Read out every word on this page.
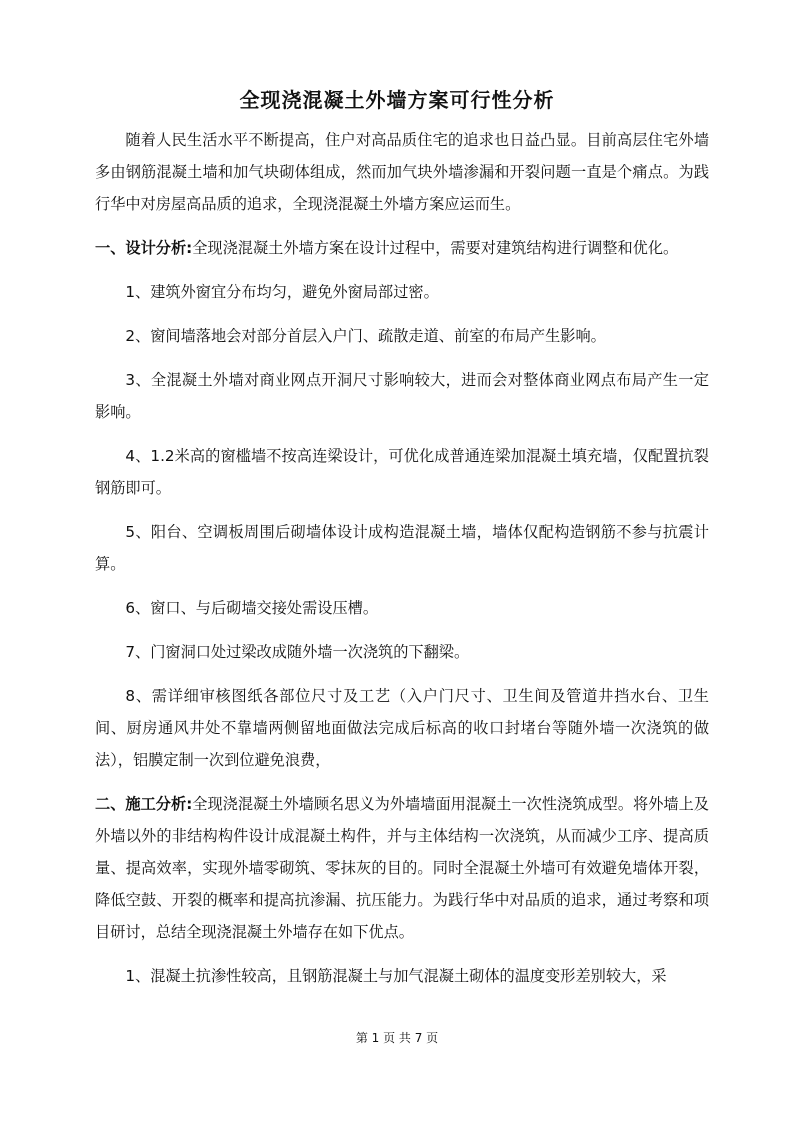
全现浇混凝土外墙方案可行性分析

随着人民生活水平不断提高，住户对高品质住宅的追求也日益凸显。目前高层住宅外墙多由钢筋混凝土墙和加气块砌体组成，然而加气块外墙渗漏和开裂问题一直是个痛点。为践行华中对房屋高品质的追求，全现浇混凝土外墙方案应运而生。

一、设计分析:全现浇混凝土外墙方案在设计过程中，需要对建筑结构进行调整和优化。

1、建筑外窗宜分布均匀，避免外窗局部过密。

2、窗间墙落地会对部分首层入户门、疏散走道、前室的布局产生影响。

3、全混凝土外墙对商业网点开洞尺寸影响较大，进而会对整体商业网点布局产生一定影响。

4、1.2米高的窗槛墙不按高连梁设计，可优化成普通连梁加混凝土填充墙，仅配置抗裂钢筋即可。

5、阳台、空调板周围后砌墙体设计成构造混凝土墙，墙体仅配构造钢筋不参与抗震计算。

6、窗口、与后砌墙交接处需设压槽。

7、门窗洞口处过梁改成随外墙一次浇筑的下翻梁。

8、需详细审核图纸各部位尺寸及工艺（入户门尺寸、卫生间及管道井挡水台、卫生间、厨房通风井处不靠墙两侧留地面做法完成后标高的收口封堵台等随外墙一次浇筑的做法），铝膜定制一次到位避免浪费，

二、施工分析:全现浇混凝土外墙顾名思义为外墙墙面用混凝土一次性浇筑成型。将外墙上及外墙以外的非结构构件设计成混凝土构件，并与主体结构一次浇筑，从而减少工序、提高质量、提高效率，实现外墙零砌筑、零抹灰的目的。同时全混凝土外墙可有效避免墙体开裂，降低空鼓、开裂的概率和提高抗渗漏、抗压能力。为践行华中对品质的追求，通过考察和项目研讨，总结全现浇混凝土外墙存在如下优点。

1、混凝土抗渗性较高，且钢筋混凝土与加气混凝土砌体的温度变形差别较大，采

第 1 页 共 7 页
